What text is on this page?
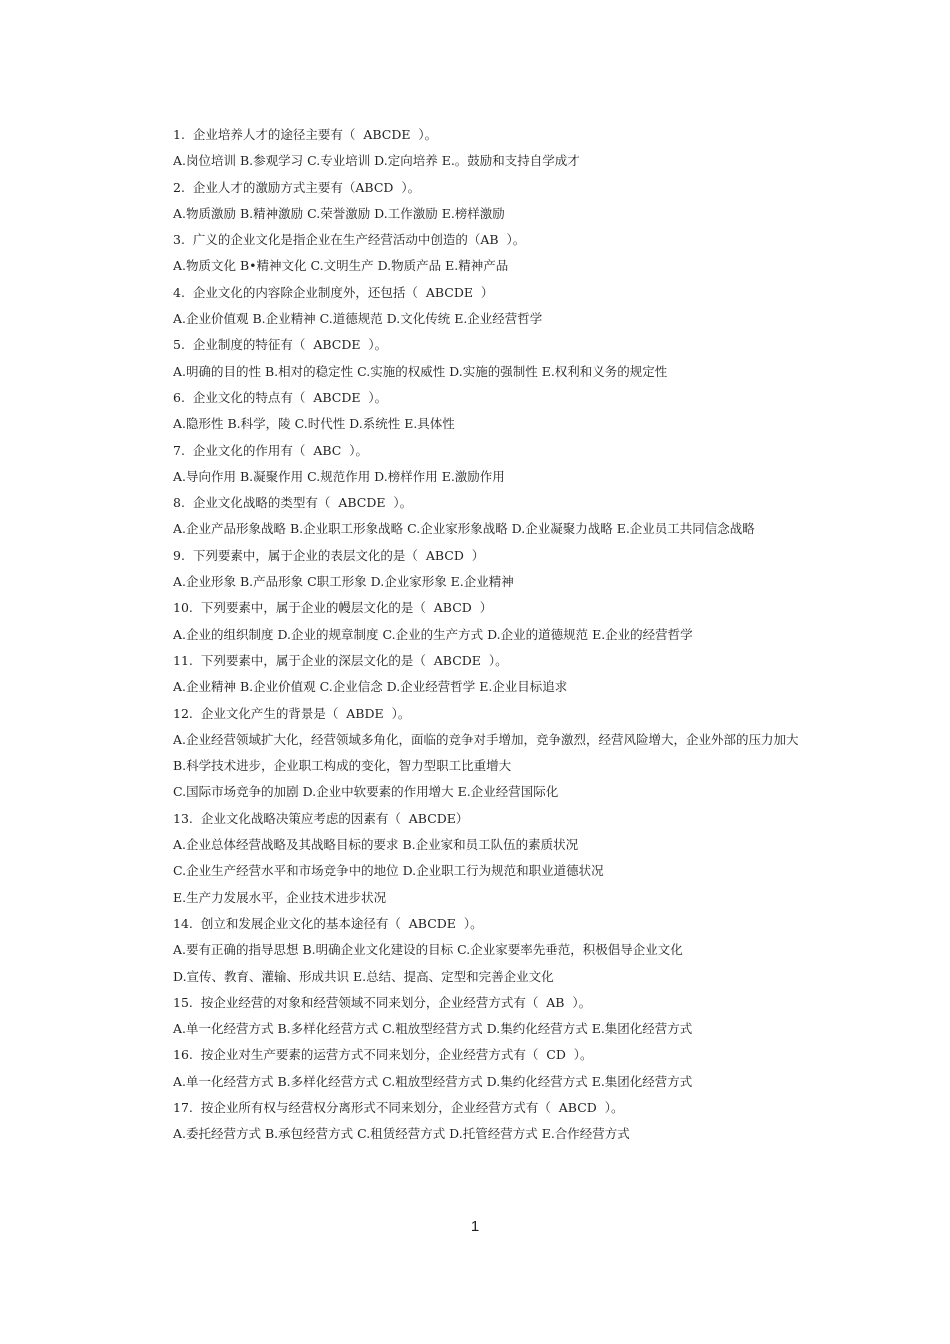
1.  企业培养人才的途径主要有（  ABCDE  ）。

A.岗位培训 B.参观学习 C.专业培训 D.定向培养 E.。鼓励和支持自学成才

2.  企业人才的激励方式主要有（ABCD  ）。

A.物质激励 B.精神激励 C.荣誉激励 D.工作激励 E.榜样激励

3.  广义的企业文化是指企业在生产经营活动中创造的（AB  ）。

A.物质文化 B•精神文化 C.文明生产 D.物质产品 E.精神产品

4.  企业文化的内容除企业制度外，还包括（  ABCDE  ）

A.企业价值观 B.企业精神 C.道德规范 D.文化传统 E.企业经营哲学

5.  企业制度的特征有（  ABCDE  ）。

A.明确的目的性 B.相对的稳定性 C.实施的权威性 D.实施的强制性 E.权利和义务的规定性

6.  企业文化的特点有（  ABCDE  ）。

A.隐形性 B.科学，陵 C.时代性 D.系统性 E.具体性

7.  企业文化的作用有（  ABC  ）。

A.导向作用 B.凝聚作用 C.规范作用 D.榜样作用 E.激励作用

8.  企业文化战略的类型有（  ABCDE  ）。

A.企业产品形象战略 B.企业职工形象战略 C.企业家形象战略 D.企业凝聚力战略 E.企业员工共同信念战略

9.  下列要素中，属于企业的表层文化的是（  ABCD  ）

A.企业形象 B.产品形象 C职工形象 D.企业家形象 E.企业精神

10.  下列要素中，属于企业的幔层文化的是（  ABCD  ）

A.企业的组织制度 D.企业的规章制度 C.企业的生产方式 D.企业的道德规范 E.企业的经营哲学

11.  下列要素中，属于企业的深层文化的是（  ABCDE  ）。

A.企业精神 B.企业价值观 C.企业信念 D.企业经营哲学 E.企业目标追求

12.  企业文化产生的背景是（  ABDE  ）。

A.企业经营领域扩大化，经营领域多角化，面临的竞争对手增加，竞争激烈，经营风险增大，企业外部的压力加大

B.科学技术进步，企业职工构成的变化，智力型职工比重增大

C.国际市场竞争的加剧 D.企业中软要素的作用增大 E.企业经营国际化

13.  企业文化战略决策应考虑的因素有（  ABCDE）

A.企业总体经营战略及其战略目标的要求 B.企业家和员工队伍的素质状况

C.企业生产经营水平和市场竞争中的地位 D.企业职工行为规范和职业道德状况

E.生产力发展水平，企业技术进步状况

14.  创立和发展企业文化的基本途径有（  ABCDE  ）。

A.要有正确的指导思想 B.明确企业文化建设的目标 C.企业家要率先垂范，积极倡导企业文化

D.宣传、教育、灌输、形成共识 E.总结、提高、定型和完善企业文化

15.  按企业经营的对象和经营领域不同来划分，企业经营方式有（  AB  ）。

A.单一化经营方式 B.多样化经营方式 C.粗放型经营方式 D.集约化经营方式 E.集团化经营方式

16.  按企业对生产要素的运营方式不同来划分，企业经营方式有（  CD  ）。

A.单一化经营方式 B.多样化经营方式 C.粗放型经营方式 D.集约化经营方式 E.集团化经营方式

17.  按企业所有权与经营权分离形式不同来划分，企业经营方式有（  ABCD  ）。

A.委托经营方式 B.承包经营方式 C.租赁经营方式 D.托管经营方式 E.合作经营方式

1
